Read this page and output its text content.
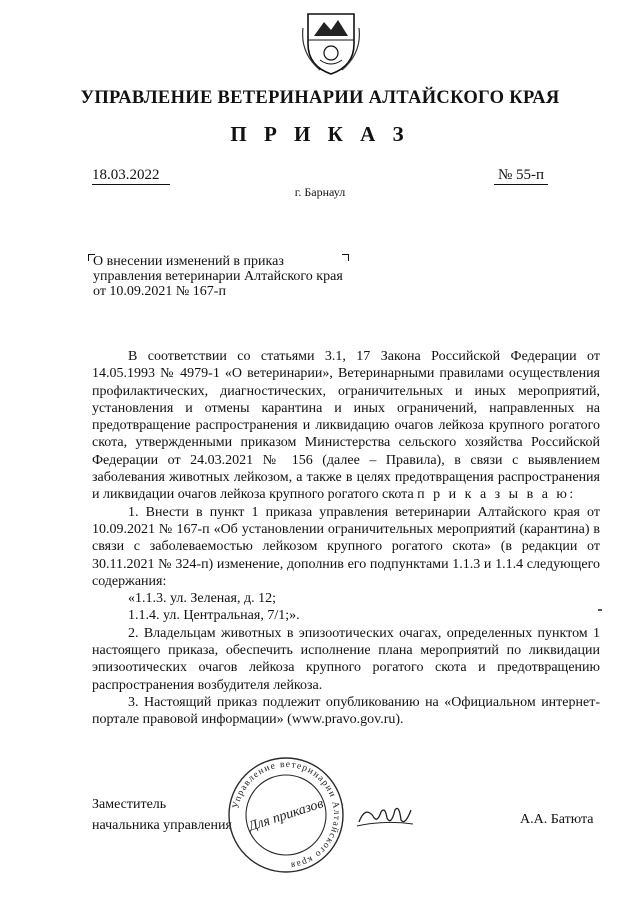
УПРАВЛЕНИЕ ВЕТЕРИНАРИИ АЛТАЙСКОГО КРАЯ
П Р И К А З
18.03.2022	№ 55-п
г. Барнаул
О внесении изменений в приказ управления ветеринарии Алтайского края от 10.09.2021 № 167-п

В соответствии со статьями 3.1, 17 Закона Российской Федерации от 14.05.1993 № 4979-1 «О ветеринарии», Ветеринарными правилами осуществления профилактических, диагностических, ограничительных и иных мероприятий, установления и отмены карантина и иных ограничений, направленных на предотвращение распространения и ликвидацию очагов лейкоза крупного рогатого скота, утвержденными приказом Министерства сельского хозяйства Российской Федерации от 24.03.2021 № 156 (далее – Правила), в связи с выявлением заболевания животных лейкозом, а также в целях предотвращения распространения и ликвидации очагов лейкоза крупного рогатого скота п р и к а з ы в а ю:

1. Внести в пункт 1 приказа управления ветеринарии Алтайского края от 10.09.2021 № 167-п «Об установлении ограничительных мероприятий (карантина) в связи с заболеваемостью лейкозом крупного рогатого скота» (в редакции от 30.11.2021 № 324-п) изменение, дополнив его подпунктами 1.1.3 и 1.1.4 следующего содержания:

«1.1.3. ул. Зеленая, д. 12;

1.1.4. ул. Центральная, 7/1;».

2. Владельцам животных в эпизоотических очагах, определенных пунктом 1 настоящего приказа, обеспечить исполнение плана мероприятий по ликвидации эпизоотических очагов лейкоза крупного рогатого скота и предотвращению распространения возбудителя лейкоза.

3. Настоящий приказ подлежит опубликованию на «Официальном интернет-портале правовой информации» (www.pravo.gov.ru).

Заместитель
начальника управления	А.А. Батюта
Управление ветеринарии Алтайского края
Для приказов
